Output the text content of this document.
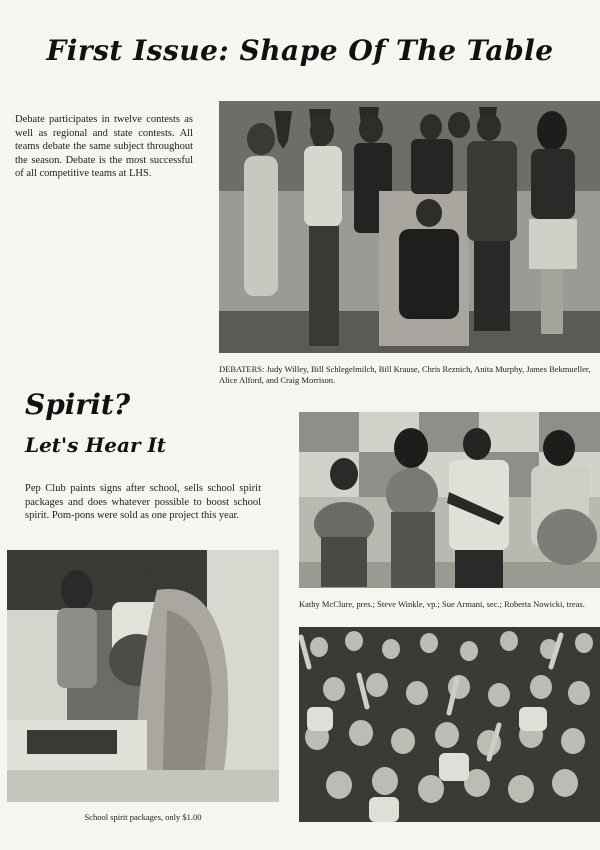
First Issue: Shape Of The Table
Debate participates in twelve contests as well as regional and state contests. All teams debate the same subject throughout the season. Debate is the most successful of all competitive teams at LHS.
DEBATERS: Judy Willey, Bill Schlegelmilch, Bill Krause, Chris Reznich, Anita Murphy, James Bekmueller, Alice Alford, and Craig Morrison.
Spirit?
Let's Hear It
Pep Club paints signs after school, sells school spirit packages and does whatever possible to boost school spirit. Pom-pons were sold as one project this year.
Kathy McClure, pres.; Steve Winkle, vp.; Sue Armani, sec.; Roberta Nowicki, treas.
School spirit packages, only $1.00
